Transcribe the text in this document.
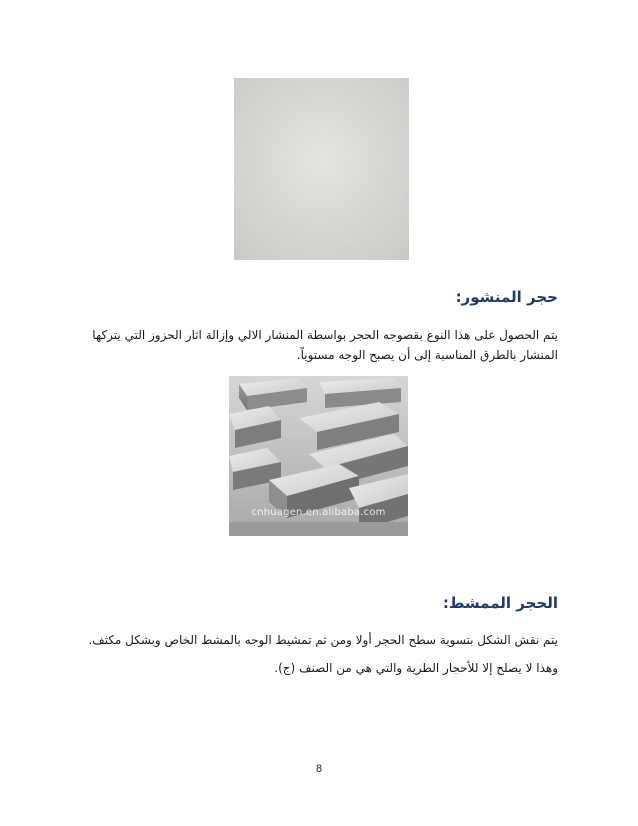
حجر المنشور:
يتم الحصول على هذا النوع بقصوجه الحجر بواسطة المنشار الالي وإزالة اثار الحزوز التي يتركها المنشار بالطرق المناسبة إلى أن يصبح الوجه مستوياً.
cnhuagen.en.alibaba.com
الحجر الممشط:

يتم نقش الشكل بتسوية سطح الحجر أولا ومن ثم تمشيط الوجه بالمشط الخاص وبشكل مكثف.

وهذا لا يصلح إلا للأحجار الطرية والتي هي من الصنف (ج).

8
